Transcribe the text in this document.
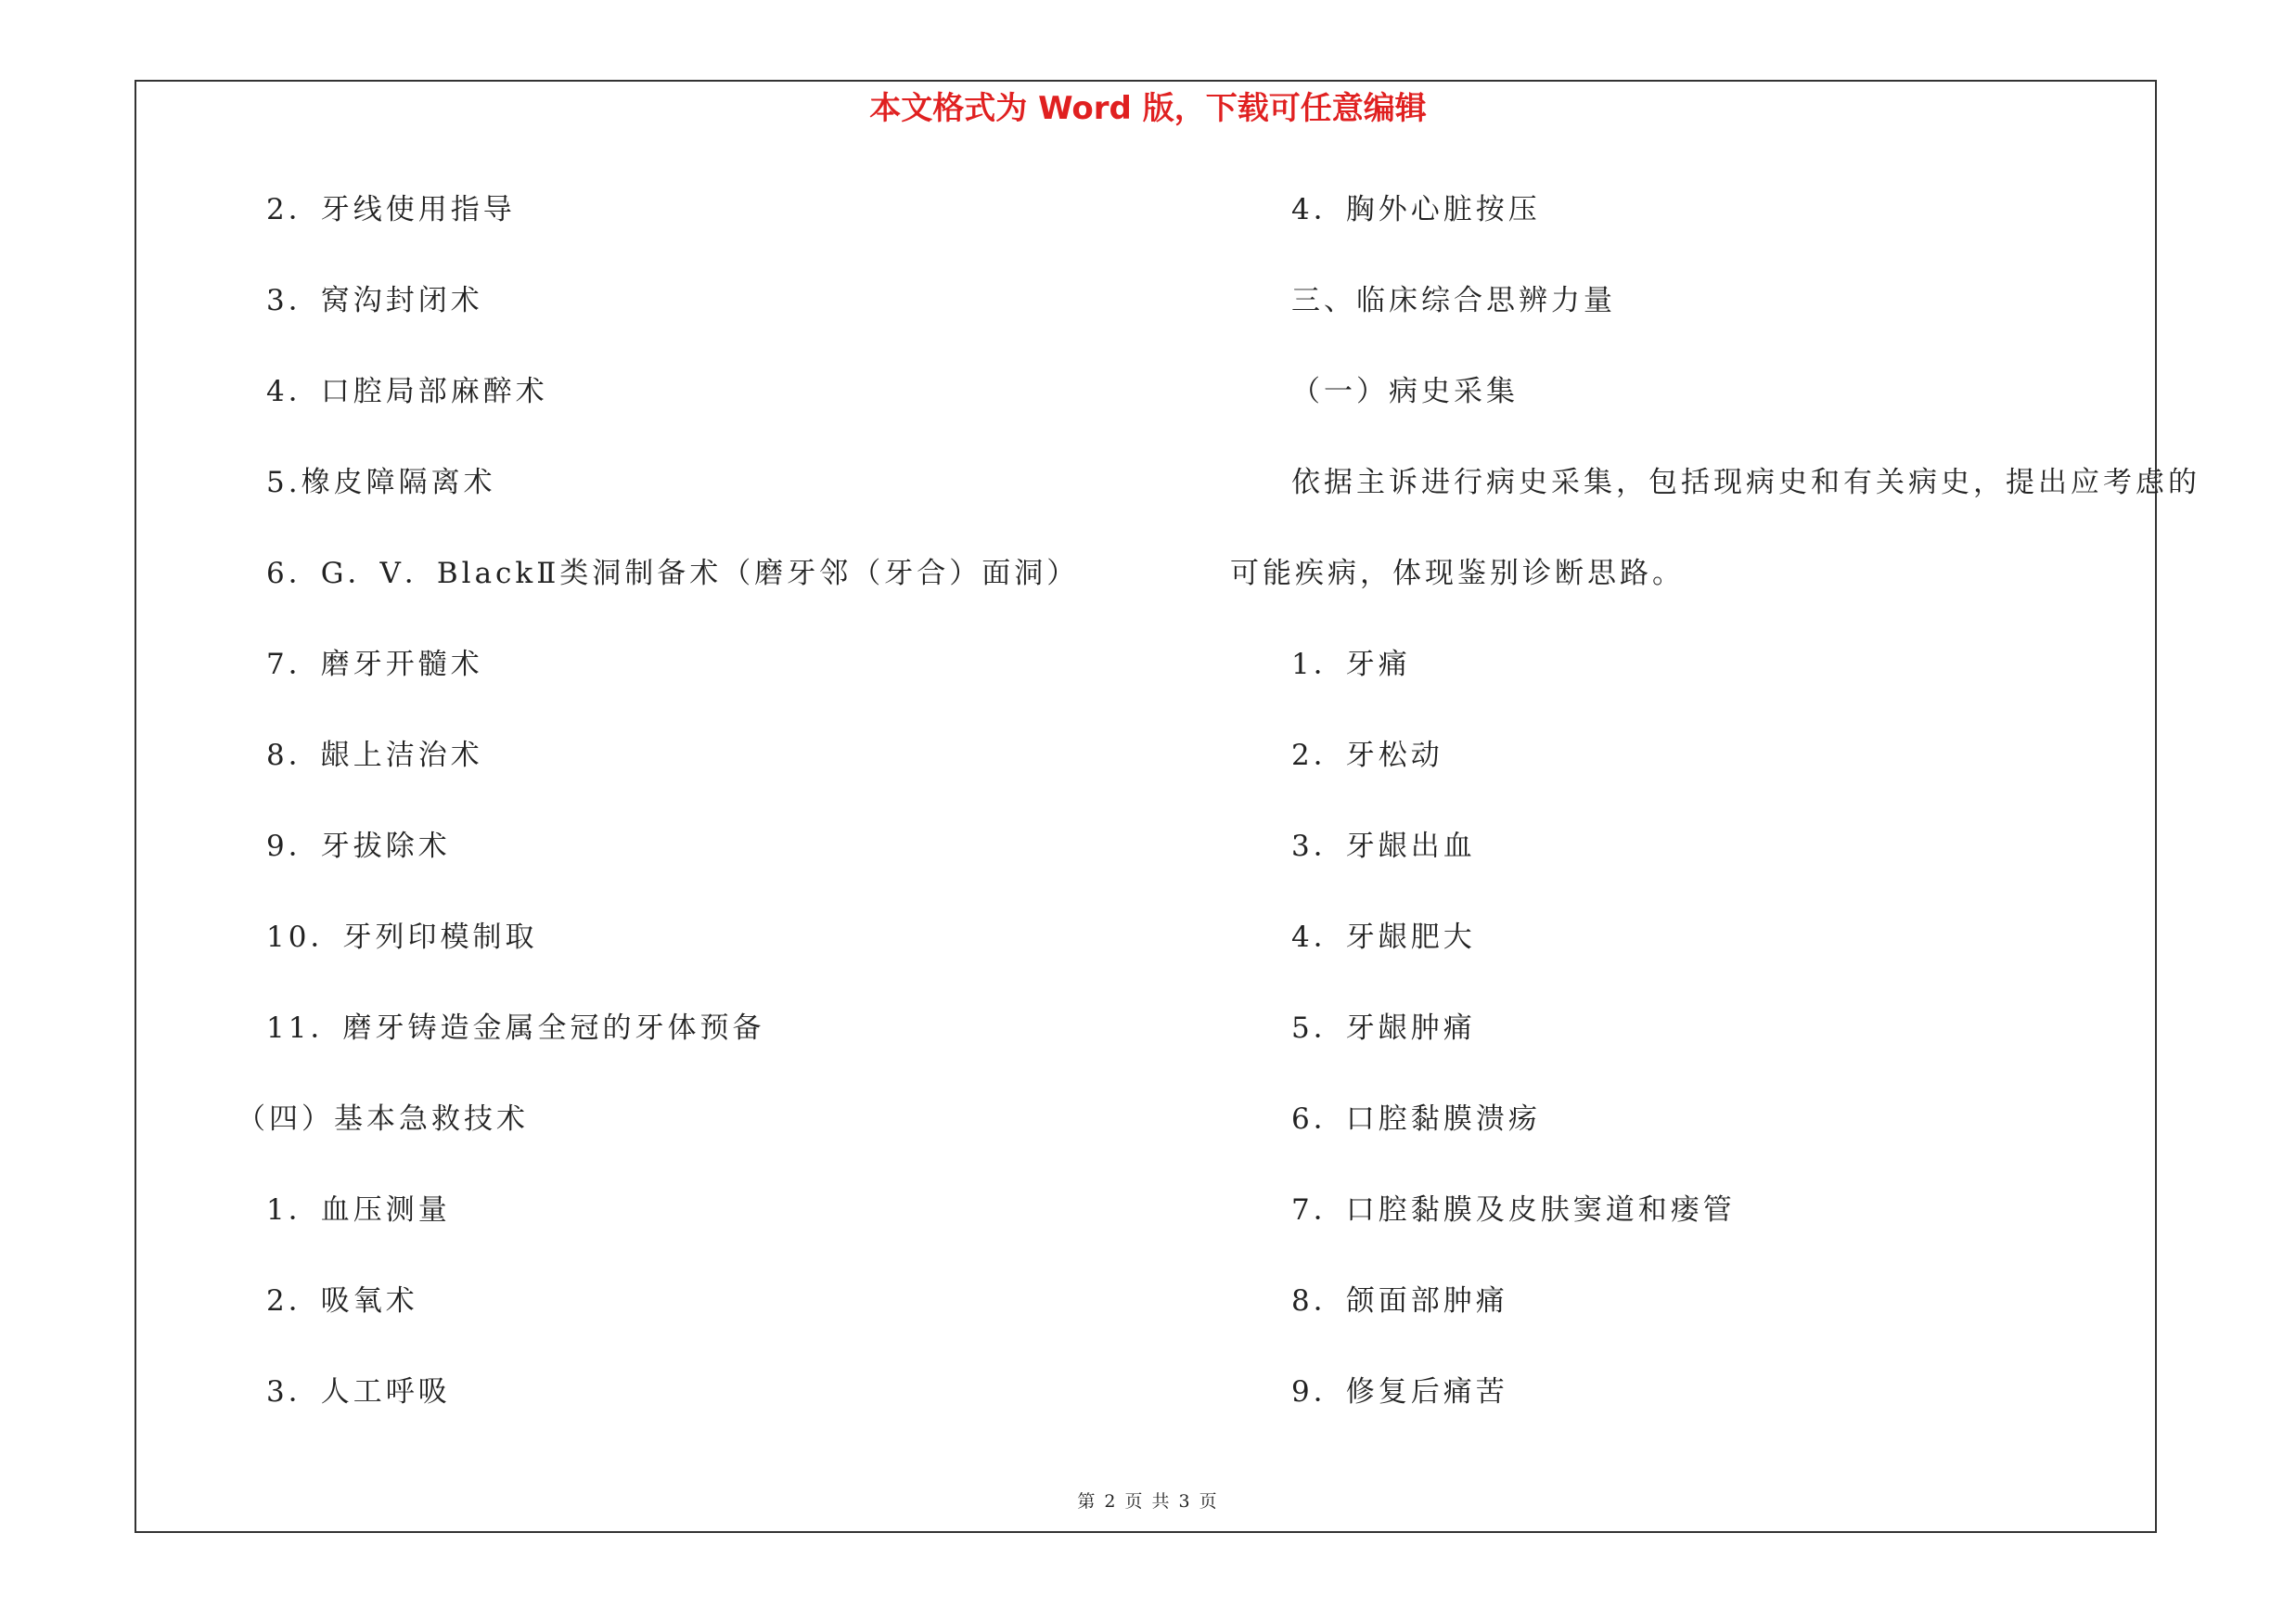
本文格式为 Word 版，下载可任意编辑
2．牙线使用指导
3．窝沟封闭术
4．口腔局部麻醉术
5.橡皮障隔离术
6．G．V．BlackⅡ类洞制备术（磨牙邻（牙合）面洞）
7．磨牙开髓术
8．龈上洁治术
9．牙拔除术
10．牙列印模制取
11．磨牙铸造金属全冠的牙体预备
（四）基本急救技术
1．血压测量
2．吸氧术
3．人工呼吸
4．胸外心脏按压
三、临床综合思辨力量
（一）病史采集
依据主诉进行病史采集，包括现病史和有关病史，提出应考虑的
可能疾病，体现鉴别诊断思路。
1．牙痛
2．牙松动
3．牙龈出血
4．牙龈肥大
5．牙龈肿痛
6．口腔黏膜溃疡
7．口腔黏膜及皮肤窦道和瘘管
8．颌面部肿痛
9．修复后痛苦
第 2 页 共 3 页
